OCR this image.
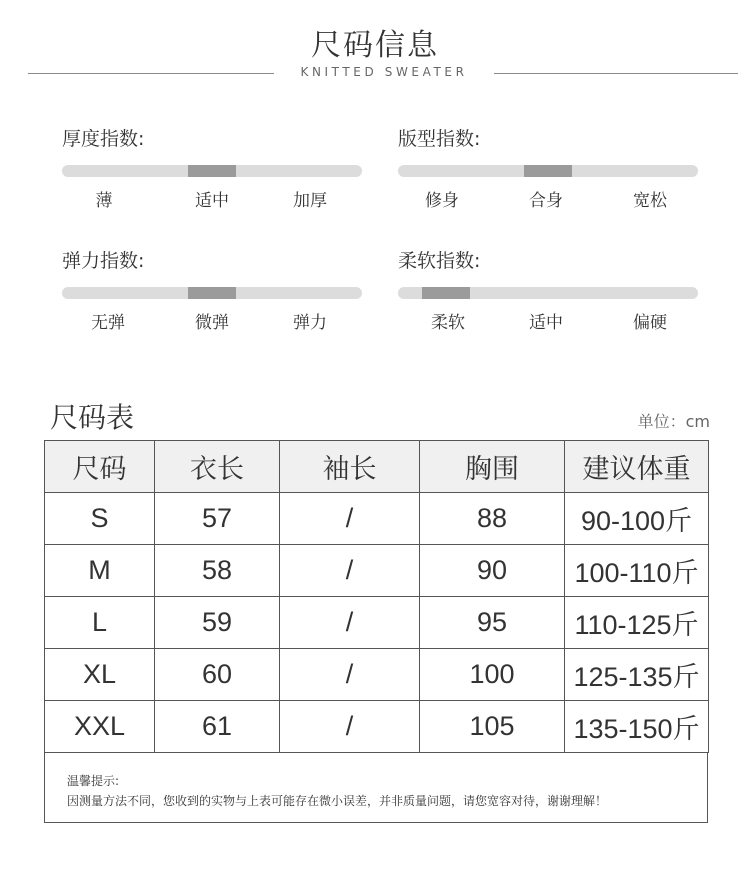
尺码信息
KNITTED SWEATER
厚度指数:
薄	适中	加厚
版型指数:
修身	合身	宽松
弹力指数:
无弹	微弹	弹力
柔软指数:
柔软	适中	偏硬
尺码表	单位：cm
尺码	衣长	袖长	胸围	建议体重
S	57	/	88	90-100斤
M	58	/	90	100-110斤
L	59	/	95	110-125斤
XL	60	/	100	125-135斤
XXL	61	/	105	135-150斤
温馨提示:
因测量方法不同，您收到的实物与上表可能存在微小误差，并非质量问题，请您宽容对待，谢谢理解！
